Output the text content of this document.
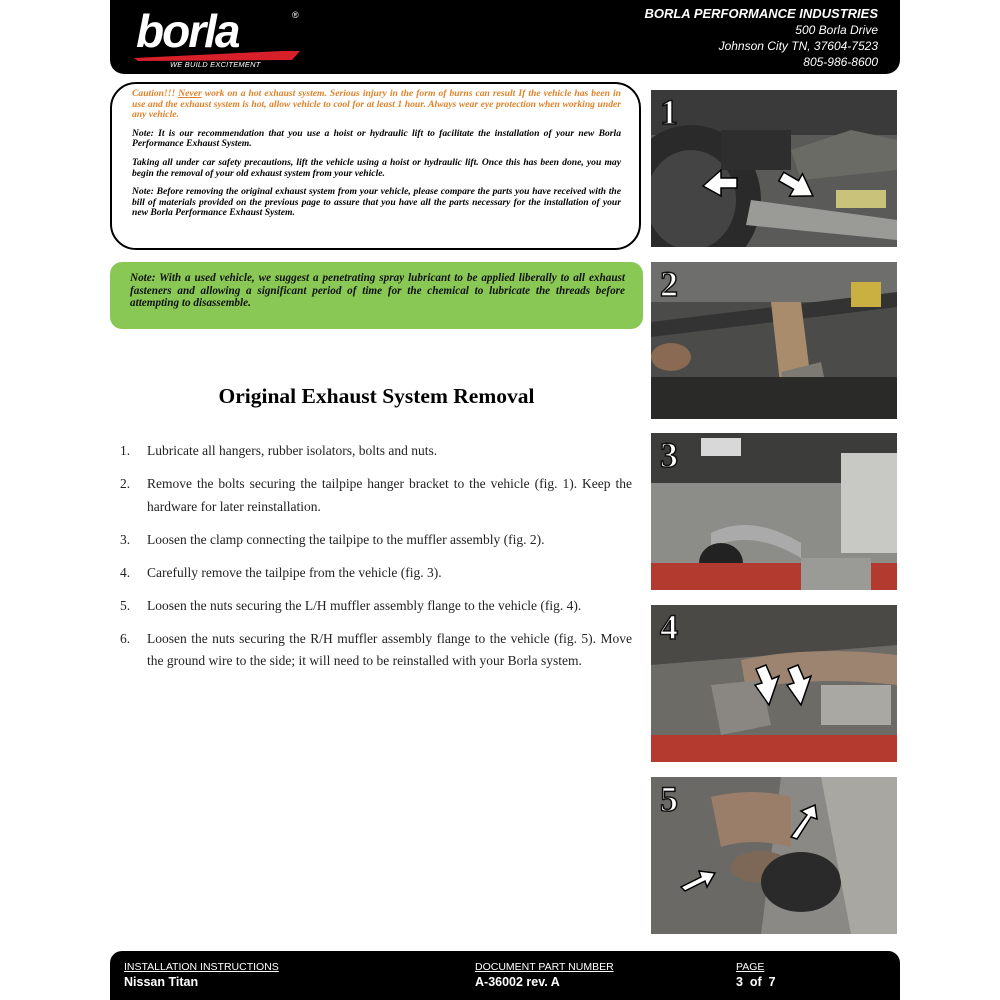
borla	®
WE BUILD EXCITEMENT
BORLA PERFORMANCE INDUSTRIES
500 Borla Drive
Johnson City TN, 37604-7523
805-986-8600

Caution!!! Never work on a hot exhaust system. Serious injury in the form of burns can result If the vehicle has been in use and the exhaust system is hot, allow vehicle to cool for at least 1 hour. Always wear eye protection when working under any vehicle.

Note: It is our recommendation that you use a hoist or hydraulic lift to facilitate the installation of your new Borla Performance Exhaust System.

Taking all under car safety precautions, lift the vehicle using a hoist or hydraulic lift. Once this has been done, you may begin the removal of your old exhaust system from your vehicle.

Note: Before removing the original exhaust system from your vehicle, please compare the parts you have received with the bill of materials provided on the previous page to assure that you have all the parts necessary for the installation of your new Borla Performance Exhaust System.

Note: With a used vehicle, we suggest a penetrating spray lubricant to be applied liberally to all exhaust fasteners and allowing a significant period of time for the chemical to lubricate the threads before attempting to disassemble.
Original Exhaust System Removal
1. Lubricate all hangers, rubber isolators, bolts and nuts.
2. Remove the bolts securing the tailpipe hanger bracket to the vehicle (fig. 1). Keep the hardware for later reinstallation.
3. Loosen the clamp connecting the tailpipe to the muffler assembly (fig. 2).
4. Carefully remove the tailpipe from the vehicle (fig. 3).
5. Loosen the nuts securing the L/H muffler assembly flange to the vehicle (fig. 4).
6. Loosen the nuts securing the R/H muffler assembly flange to the vehicle (fig. 5). Move the ground wire to the side; it will need to be reinstalled with your Borla system.
1
2
3
4
5
INSTALLATION INSTRUCTIONS
Nissan Titan
DOCUMENT PART NUMBER
A-36002 rev. A
PAGE
3  of  7
